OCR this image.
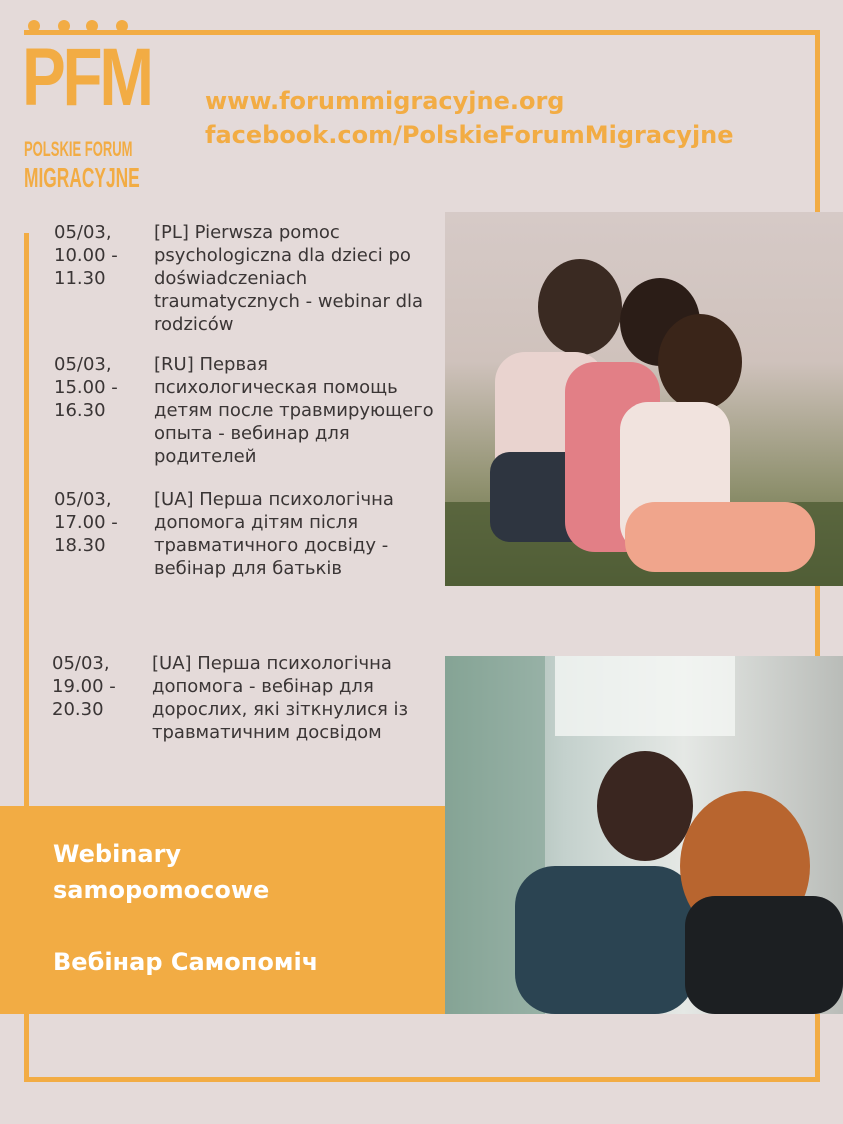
PFM
POLSKIE FORUM
MIGRACYJNE
www.forummigracyjne.org
facebook.com/PolskieForumMigracyjne
05/03,
10.00 -
11.30
[PL] Pierwsza pomoc psychologiczna dla dzieci po doświadczeniach traumatycznych - webinar dla rodziców
05/03,
15.00 -
16.30
[RU] Первая психологическая помощь детям после травмирующего опыта - вебинар для родителей
05/03,
17.00 -
18.30
[UA] Перша психологічна допомога дітям після травматичного досвіду - вебінар для батьків
05/03,
19.00 -
20.30
[UA] Перша психологічна допомога - вебінар для дорослих, які зіткнулися із травматичним досвідом
Webinary
samopomocowe
Вебінар Самопоміч
